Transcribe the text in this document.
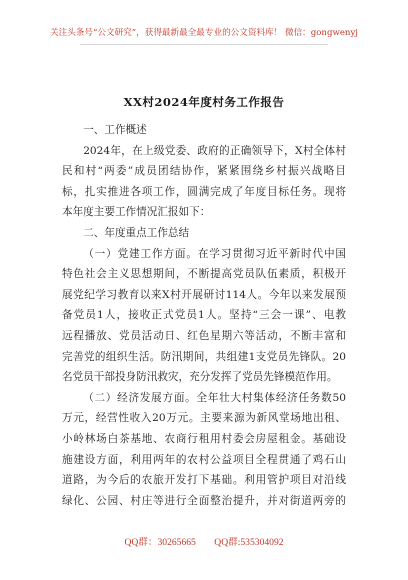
关注头条号“公文研究”，获得最新最全最专业的公文资料库！ 微信：gongwenyj
XX村2024年度村务工作报告
一、工作概述
2024年，在上级党委、政府的正确领导下，X村全体村
民和村“两委”成员团结协作，紧紧围绕乡村振兴战略目
标，扎实推进各项工作，圆满完成了年度目标任务。现将
本年度主要工作情况汇报如下：
二、年度重点工作总结
（一）党建工作方面。在学习贯彻习近平新时代中国
特色社会主义思想期间，不断提高党员队伍素质，积极开
展党纪学习教育以来X村开展研讨114人。今年以来发展预
备党员1人，接收正式党员1人。坚持“三会一课”、电教
远程播放、党员活动日、红色星期六等活动，不断丰富和
完善党的组织生活。防汛期间，共组建1支党员先锋队。20
名党员干部投身防汛救灾，充分发挥了党员先锋模范作用。
（二）经济发展方面。全年壮大村集体经济任务数50
万元，经营性收入20万元。主要来源为新风堂场地出租、
小岭林场白茶基地、农商行租用村委会房屋租金。基础设
施建设方面，利用两年的农村公益项目全程贯通了鸡石山
道路，为今后的农旅开发打下基础。利用管护项目对沿线
绿化、公园、村庄等进行全面整治提升，并对街道两旁的
QQ群：30265665 QQ群:535304092
